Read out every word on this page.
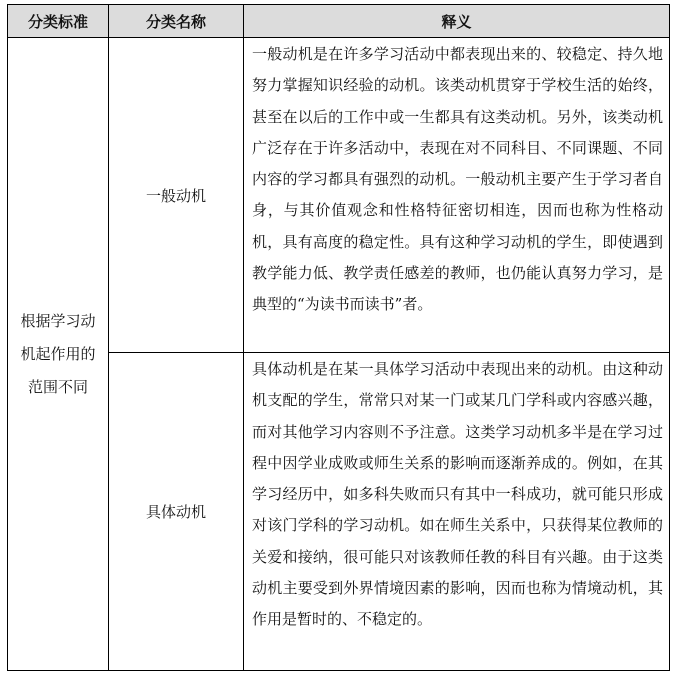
分类标准	分类名称	释义
根据学习动机起作用的范围不同	一般动机	一般动机是在许多学习活动中都表现出来的、较稳定、持久地努力掌握知识经验的动机。该类动机贯穿于学校生活的始终，甚至在以后的工作中或一生都具有这类动机。另外，该类动机广泛存在于许多活动中，表现在对不同科目、不同课题、不同内容的学习都具有强烈的动机。一般动机主要产生于学习者自身，与其价值观念和性格特征密切相连，因而也称为性格动机，具有高度的稳定性。具有这种学习动机的学生，即使遇到教学能力低、教学责任感差的教师，也仍能认真努力学习，是典型的“为读书而读书”者。
	具体动机	具体动机是在某一具体学习活动中表现出来的动机。由这种动机支配的学生，常常只对某一门或某几门学科或内容感兴趣，而对其他学习内容则不予注意。这类学习动机多半是在学习过程中因学业成败或师生关系的影响而逐渐养成的。例如，在其学习经历中，如多科失败而只有其中一科成功，就可能只形成对该门学科的学习动机。如在师生关系中，只获得某位教师的关爱和接纳，很可能只对该教师任教的科目有兴趣。由于这类动机主要受到外界情境因素的影响，因而也称为情境动机，其作用是暂时的、不稳定的。
